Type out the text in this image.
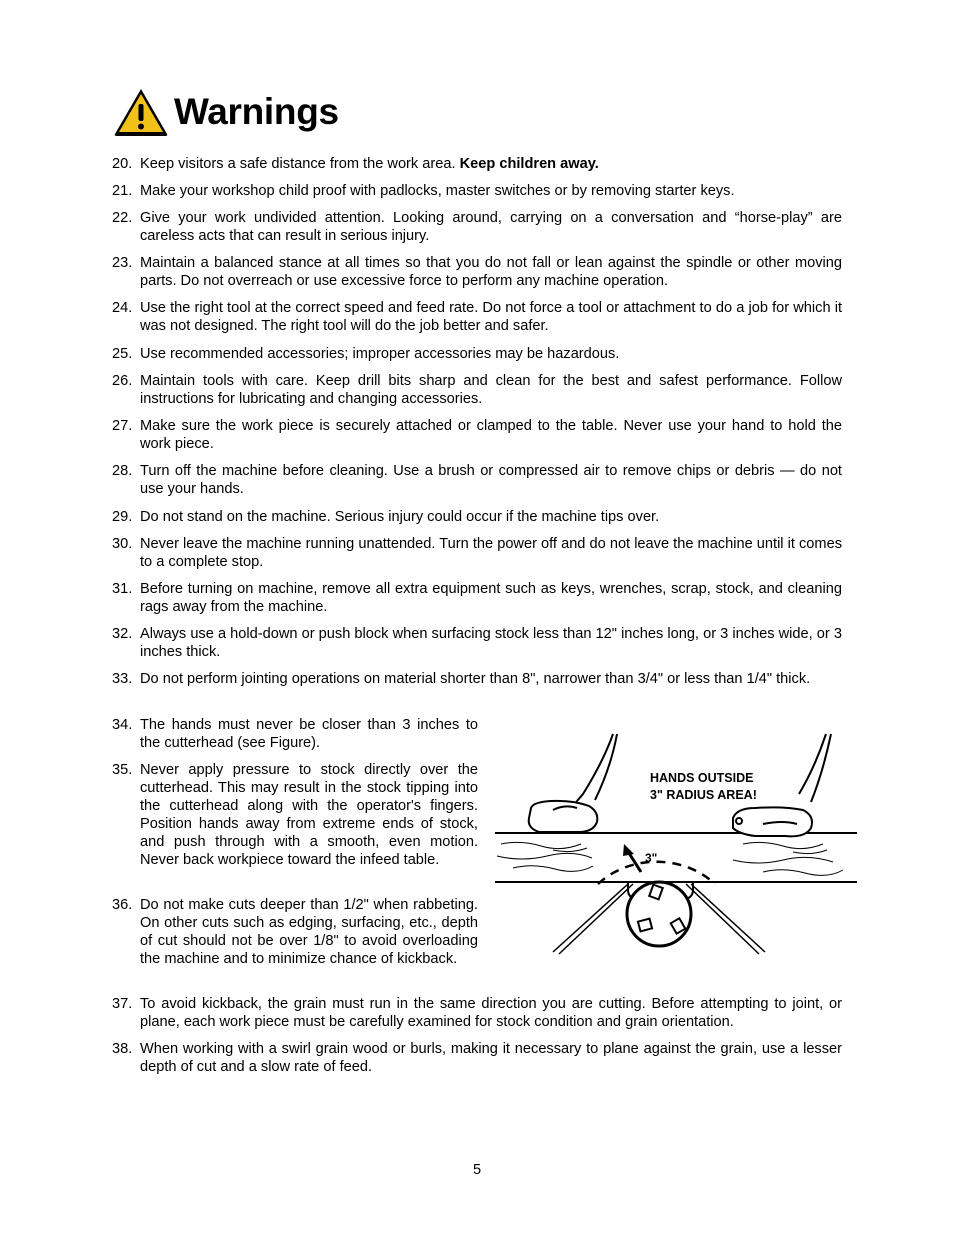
Warnings
20. Keep visitors a safe distance from the work area. Keep children away.
21. Make your workshop child proof with padlocks, master switches or by removing starter keys.
22. Give your work undivided attention. Looking around, carrying on a conversation and “horse-play” are careless acts that can result in serious injury.
23. Maintain a balanced stance at all times so that you do not fall or lean against the spindle or other moving parts. Do not overreach or use excessive force to perform any machine operation.
24. Use the right tool at the correct speed and feed rate. Do not force a tool or attachment to do a job for which it was not designed. The right tool will do the job better and safer.
25. Use recommended accessories; improper accessories may be hazardous.
26. Maintain tools with care. Keep drill bits sharp and clean for the best and safest performance. Follow instructions for lubricating and changing accessories.
27. Make sure the work piece is securely attached or clamped to the table. Never use your hand to hold the work piece.
28. Turn off the machine before cleaning. Use a brush or compressed air to remove chips or debris — do not use your hands.
29. Do not stand on the machine. Serious injury could occur if the machine tips over.
30. Never leave the machine running unattended. Turn the power off and do not leave the machine until it comes to a complete stop.
31. Before turning on machine, remove all extra equipment such as keys, wrenches, scrap, stock, and cleaning rags away from the machine.
32. Always use a hold-down or push block when surfacing stock less than 12" inches long, or 3 inches wide, or 3 inches thick.
33. Do not perform jointing operations on material shorter than 8", narrower than 3/4" or less than 1/4" thick.
34. The hands must never be closer than 3 inches to the cutterhead (see Figure).
35. Never apply pressure to stock directly over the cutterhead. This may result in the stock tipping into the cutterhead along with the operator's fingers. Position hands away from extreme ends of stock, and push through with a smooth, even motion. Never back workpiece toward the infeed table.
36. Do not make cuts deeper than 1/2" when rabbeting. On other cuts such as edging, surfacing, etc., depth of cut should not be over 1/8" to avoid overloading the machine and to minimize chance of kickback.
37. To avoid kickback, the grain must run in the same direction you are cutting. Before attempting to joint, or plane, each work piece must be carefully examined for stock condition and grain orientation.
38. When working with a swirl grain wood or burls, making it necessary to plane against the grain, use a lesser depth of cut and a slow rate of feed.
HANDS OUTSIDE
3" RADIUS AREA!
3"
5
